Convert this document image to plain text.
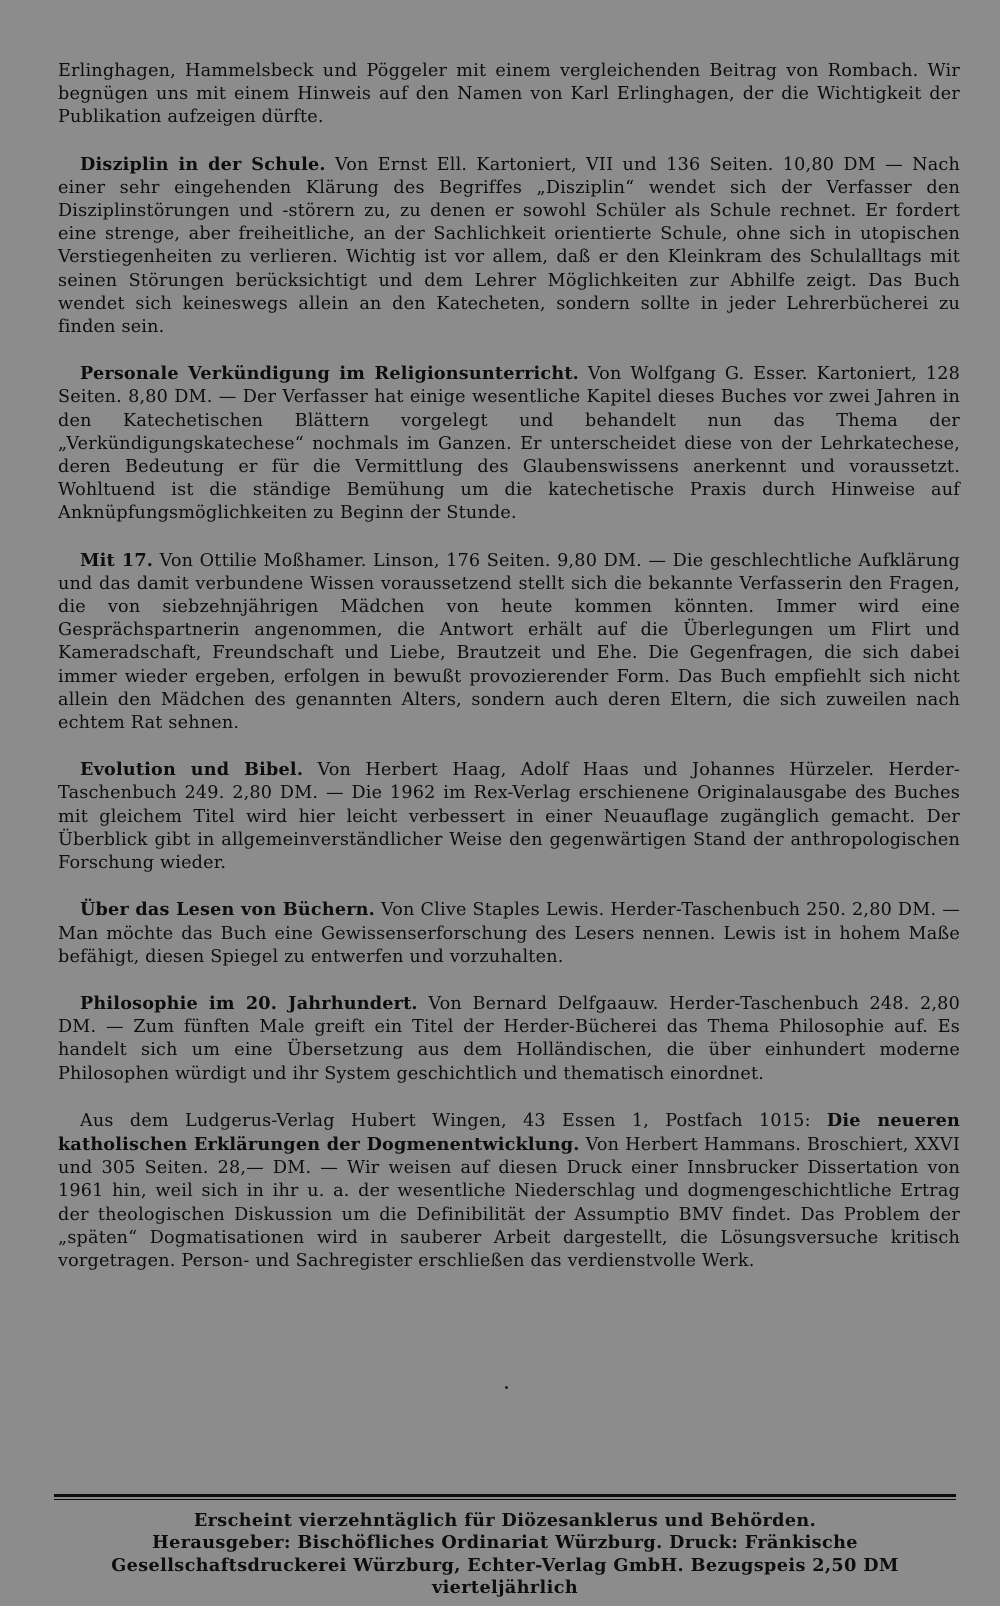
Erlinghagen, Hammelsbeck und Pöggeler mit einem vergleichenden Beitrag von Rombach. Wir begnügen uns mit einem Hinweis auf den Namen von Karl Erlinghagen, der die Wichtigkeit der Publikation aufzeigen dürfte.

Disziplin in der Schule. Von Ernst Ell. Kartoniert, VII und 136 Seiten. 10,80 DM — Nach einer sehr eingehenden Klärung des Begriffes „Disziplin“ wendet sich der Verfasser den Disziplinstörungen und -störern zu, zu denen er sowohl Schüler als Schule rechnet. Er fordert eine strenge, aber freiheitliche, an der Sachlichkeit orientierte Schule, ohne sich in utopischen Verstiegenheiten zu verlieren. Wichtig ist vor allem, daß er den Kleinkram des Schulalltags mit seinen Störungen berücksichtigt und dem Lehrer Möglichkeiten zur Abhilfe zeigt. Das Buch wendet sich keineswegs allein an den Katecheten, sondern sollte in jeder Lehrerbücherei zu finden sein.

Personale Verkündigung im Religionsunterricht. Von Wolfgang G. Esser. Kartoniert, 128 Seiten. 8,80 DM. — Der Verfasser hat einige wesentliche Kapitel dieses Buches vor zwei Jahren in den Katechetischen Blättern vorgelegt und behandelt nun das Thema der „Verkündigungskatechese“ nochmals im Ganzen. Er unterscheidet diese von der Lehrkatechese, deren Bedeutung er für die Vermittlung des Glaubenswissens anerkennt und voraussetzt. Wohltuend ist die ständige Bemühung um die katechetische Praxis durch Hinweise auf Anknüpfungsmöglichkeiten zu Beginn der Stunde.

Mit 17. Von Ottilie Moßhamer. Linson, 176 Seiten. 9,80 DM. — Die geschlechtliche Aufklärung und das damit verbundene Wissen voraussetzend stellt sich die bekannte Verfasserin den Fragen, die von siebzehnjährigen Mädchen von heute kommen könnten. Immer wird eine Gesprächspartnerin angenommen, die Antwort erhält auf die Überlegungen um Flirt und Kameradschaft, Freundschaft und Liebe, Brautzeit und Ehe. Die Gegenfragen, die sich dabei immer wieder ergeben, erfolgen in bewußt provozierender Form. Das Buch empfiehlt sich nicht allein den Mädchen des genannten Alters, sondern auch deren Eltern, die sich zuweilen nach echtem Rat sehnen.

Evolution und Bibel. Von Herbert Haag, Adolf Haas und Johannes Hürzeler. Herder-Taschenbuch 249. 2,80 DM. — Die 1962 im Rex-Verlag erschienene Originalausgabe des Buches mit gleichem Titel wird hier leicht verbessert in einer Neuauflage zugänglich gemacht. Der Überblick gibt in allgemeinverständlicher Weise den gegenwärtigen Stand der anthropologischen Forschung wieder.

Über das Lesen von Büchern. Von Clive Staples Lewis. Herder-Taschenbuch 250. 2,80 DM. — Man möchte das Buch eine Gewissenserforschung des Lesers nennen. Lewis ist in hohem Maße befähigt, diesen Spiegel zu entwerfen und vorzuhalten.

Philosophie im 20. Jahrhundert. Von Bernard Delfgaauw. Herder-Taschenbuch 248. 2,80 DM. — Zum fünften Male greift ein Titel der Herder-Bücherei das Thema Philosophie auf. Es handelt sich um eine Übersetzung aus dem Holländischen, die über einhundert moderne Philosophen würdigt und ihr System geschichtlich und thematisch einordnet.

Aus dem Ludgerus-Verlag Hubert Wingen, 43 Essen 1, Postfach 1015: Die neueren katholischen Erklärungen der Dogmenentwicklung. Von Herbert Hammans. Broschiert, XXVI und 305 Seiten. 28,— DM. — Wir weisen auf diesen Druck einer Innsbrucker Dissertation von 1961 hin, weil sich in ihr u. a. der wesentliche Niederschlag und dogmengeschichtliche Ertrag der theologischen Diskussion um die Definibilität der Assumptio BMV findet. Das Problem der „späten“ Dogmatisationen wird in sauberer Arbeit dargestellt, die Lösungsversuche kritisch vorgetragen. Person- und Sachregister erschließen das verdienstvolle Werk.

Erscheint vierzehntäglich für Diözesanklerus und Behörden.
Herausgeber: Bischöfliches Ordinariat Würzburg. Druck: Fränkische Gesellschaftsdruckerei Würzburg, Echter-Verlag GmbH. Bezugspeis 2,50 DM vierteljährlich
